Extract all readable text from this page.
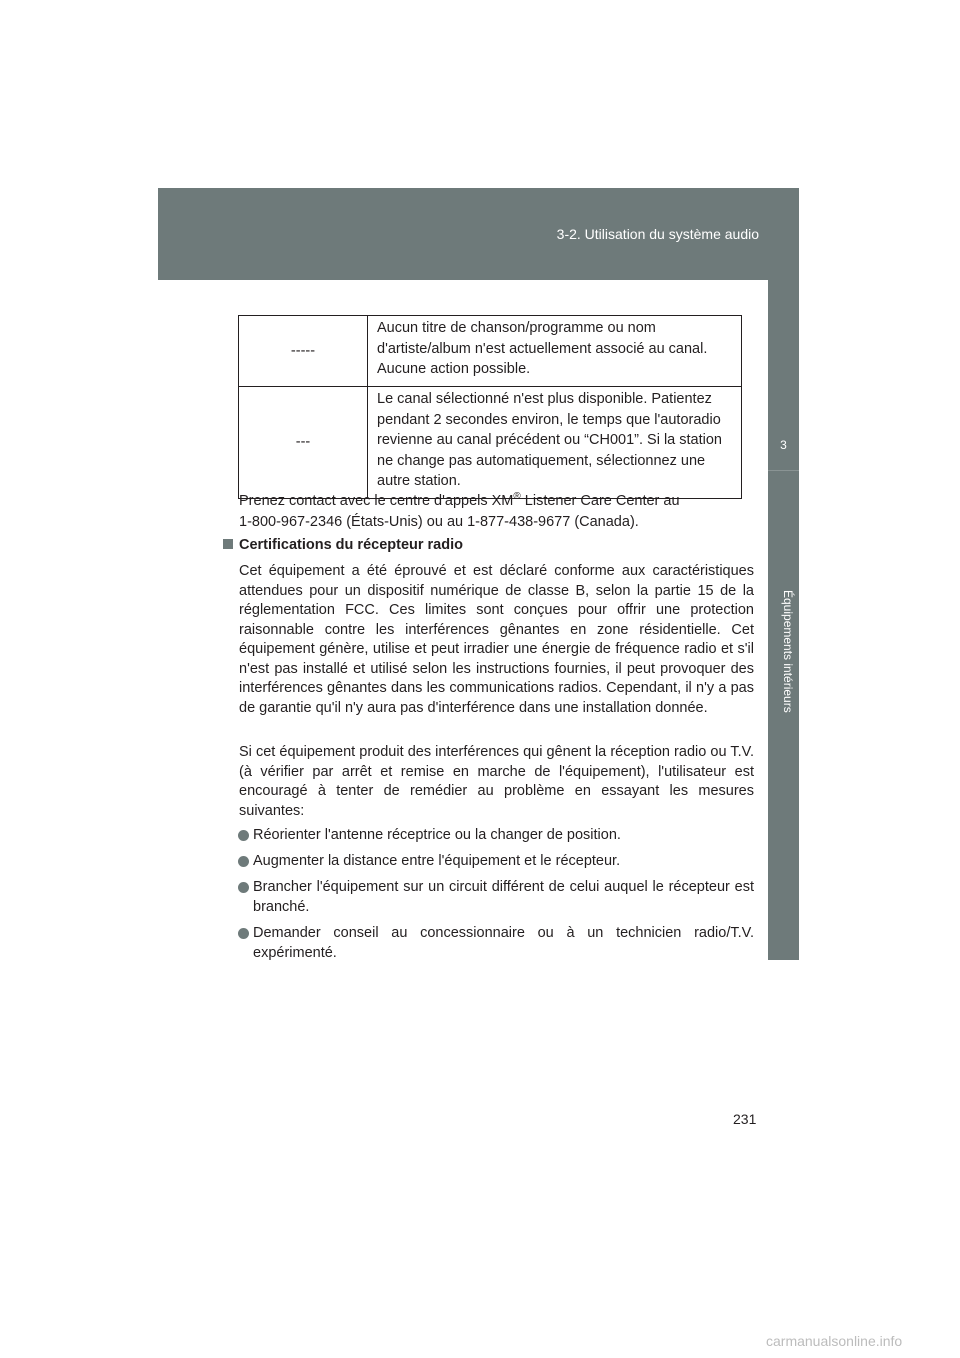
3-2. Utilisation du système audio
3
Équipements intérieurs
-----	Aucun titre de chanson/programme ou nom d'artiste/album n'est actuellement associé au canal. Aucune action possible.
---	Le canal sélectionné n'est plus disponible. Patientez pendant 2 secondes environ, le temps que l'autoradio revienne au canal précédent ou “CH001”. Si la station ne change pas automatiquement, sélectionnez une autre station.
Prenez contact avec le centre d'appels XM® Listener Care Center au
1-800-967-2346 (États-Unis) ou au 1-877-438-9677 (Canada).
Certifications du récepteur radio
Cet équipement a été éprouvé et est déclaré conforme aux caractéristiques attendues pour un dispositif numérique de classe B, selon la partie 15 de la réglementation FCC. Ces limites sont conçues pour offrir une protection raisonnable contre les interférences gênantes en zone résidentielle. Cet équipement génère, utilise et peut irradier une énergie de fréquence radio et s'il n'est pas installé et utilisé selon les instructions fournies, il peut provoquer des interférences gênantes dans les communications radios. Cependant, il n'y a pas de garantie qu'il n'y aura pas d'interférence dans une installation donnée.
Si cet équipement produit des interférences qui gênent la réception radio ou T.V. (à vérifier par arrêt et remise en marche de l'équipement), l'utilisateur est encouragé à tenter de remédier au problème en essayant les mesures suivantes:
Réorienter l'antenne réceptrice ou la changer de position.
Augmenter la distance entre l'équipement et le récepteur.
Brancher l'équipement sur un circuit différent de celui auquel le récepteur est branché.
Demander conseil au concessionnaire ou à un technicien radio/T.V. expérimenté.
231
carmanualsonline.info
